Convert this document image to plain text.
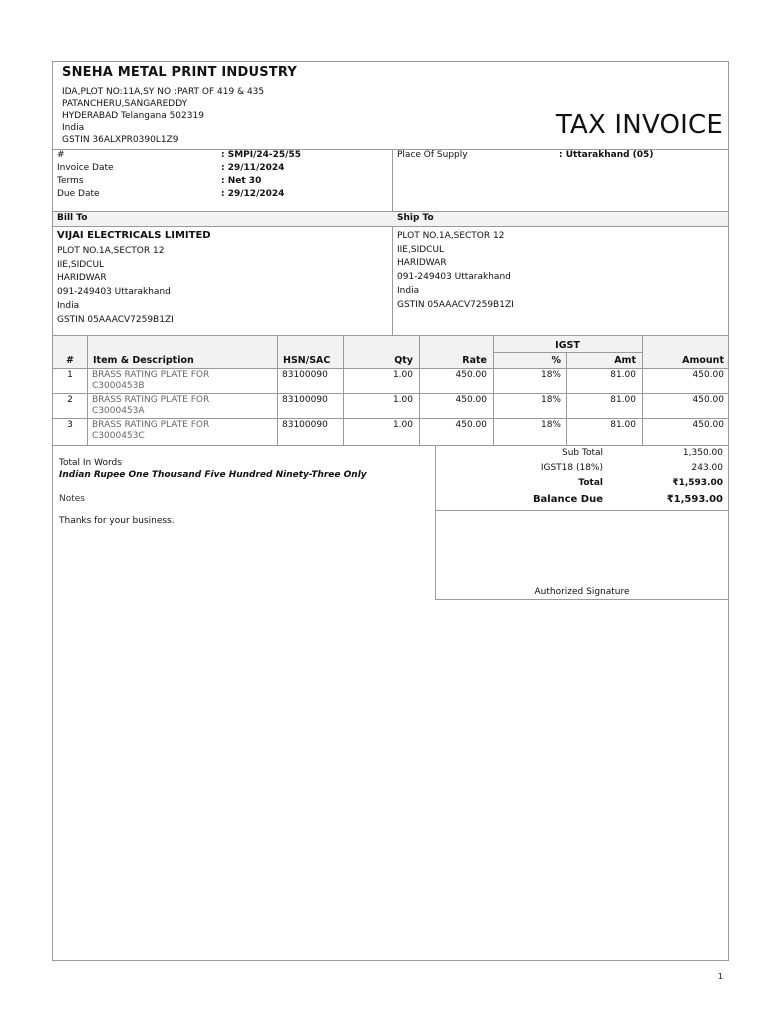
SNEHA METAL PRINT INDUSTRY
IDA,PLOT NO:11A,SY NO :PART OF 419 & 435
PATANCHERU,SANGAREDDY
HYDERABAD Telangana 502319
India
GSTIN 36ALXPR0390L1Z9	TAX INVOICE
#	: SMPI/24-25/55
Invoice Date	: 29/11/2024
Terms	: Net 30
Due Date	: 29/12/2024
Place Of Supply	: Uttarakhand (05)
Bill To	Ship To
VIJAI ELECTRICALS LIMITED
PLOT NO.1A,SECTOR 12
IIE,SIDCUL
HARIDWAR
091-249403 Uttarakhand
India
GSTIN 05AAACV7259B1ZI
PLOT NO.1A,SECTOR 12
IIE,SIDCUL
HARIDWAR
091-249403 Uttarakhand
India
GSTIN 05AAACV7259B1ZI
IGST
#	Item & Description	HSN/SAC	Qty	Rate	%	Amt	Amount
1	BRASS RATING PLATE FOR
C3000453B
83100090	1.00	450.00	18%	81.00	450.00
2	BRASS RATING PLATE FOR
C3000453A
83100090	1.00	450.00	18%	81.00	450.00
3	BRASS RATING PLATE FOR
C3000453C
83100090	1.00	450.00	18%	81.00	450.00
Total In Words
Indian Rupee One Thousand Five Hundred Ninety-Three Only
Notes
Thanks for your business.
Sub Total	1,350.00
IGST18 (18%)	243.00
Total	₹1,593.00
Balance Due	₹1,593.00
Authorized Signature
1
